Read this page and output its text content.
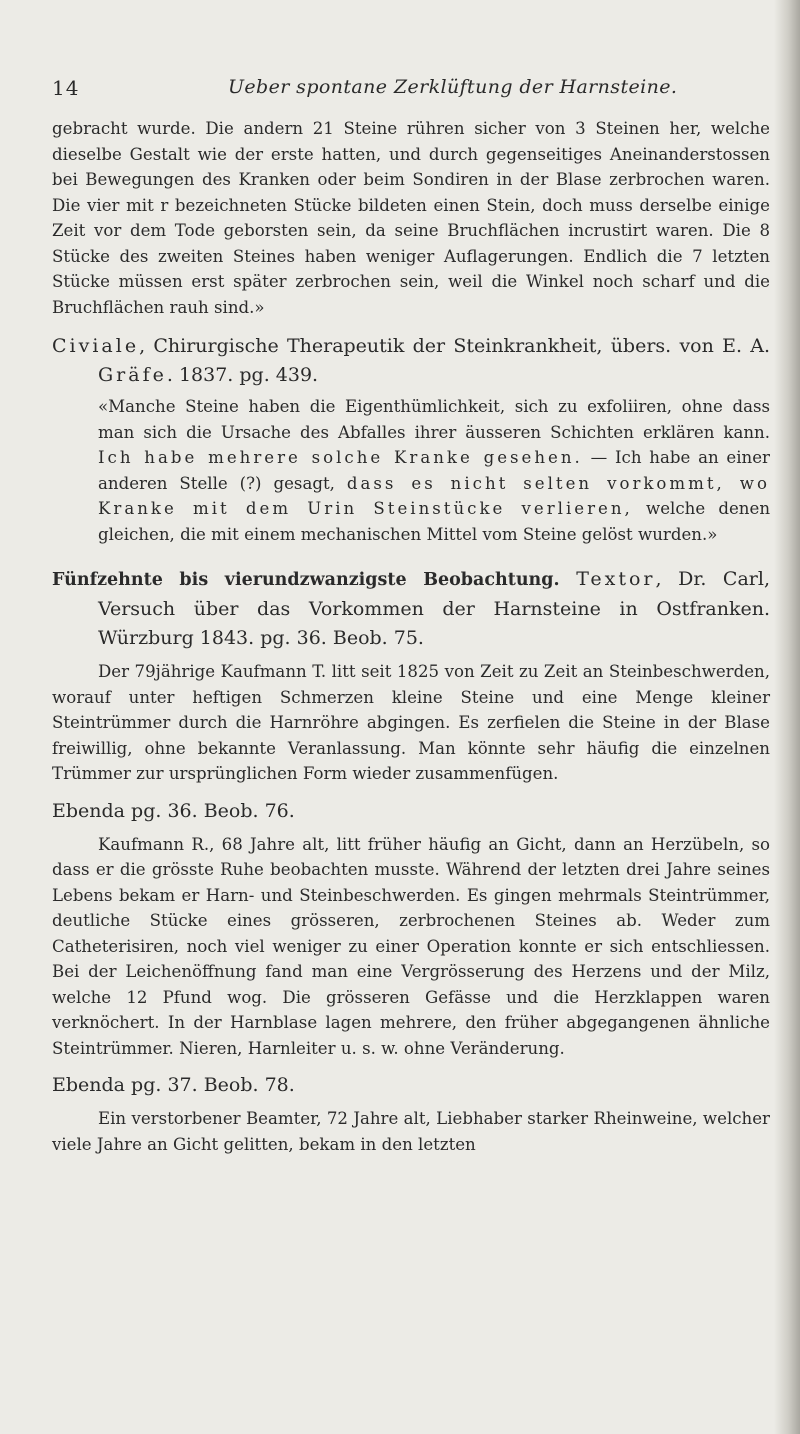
14	Ueber spontane Zerklüftung der Harnsteine.

gebracht wurde. Die andern 21 Steine rühren sicher von 3 Steinen her, welche dieselbe Gestalt wie der erste hatten, und durch gegenseitiges Aneinanderstossen bei Bewegungen des Kranken oder beim Sondiren in der Blase zerbrochen waren. Die vier mit r bezeichneten Stücke bildeten einen Stein, doch muss derselbe einige Zeit vor dem Tode geborsten sein, da seine Bruchflächen incrustirt waren. Die 8 Stücke des zweiten Steines haben weniger Auflagerungen. Endlich die 7 letzten Stücke müssen erst später zerbrochen sein, weil die Winkel noch scharf und die Bruchflächen rauh sind.»

Civiale, Chirurgische Therapeutik der Steinkrankheit, übers. von E. A. Gräfe. 1837. pg. 439.

«Manche Steine haben die Eigenthümlichkeit, sich zu exfoliiren, ohne dass man sich die Ursache des Abfalles ihrer äusseren Schichten erklären kann. Ich habe mehrere solche Kranke gesehen. — Ich habe an einer anderen Stelle (?) gesagt, dass es nicht selten vorkommt, wo Kranke mit dem Urin Steinstücke verlieren, welche denen gleichen, die mit einem mechanischen Mittel vom Steine gelöst wurden.»

Fünfzehnte bis vierundzwanzigste Beobachtung. Textor, Dr. Carl, Versuch über das Vorkommen der Harnsteine in Ostfranken. Würzburg 1843. pg. 36. Beob. 75.

Der 79jährige Kaufmann T. litt seit 1825 von Zeit zu Zeit an Steinbeschwerden, worauf unter heftigen Schmerzen kleine Steine und eine Menge kleiner Steintrümmer durch die Harnröhre abgingen. Es zerfielen die Steine in der Blase freiwillig, ohne bekannte Veranlassung. Man könnte sehr häufig die einzelnen Trümmer zur ursprünglichen Form wieder zusammenfügen.

Ebenda pg. 36. Beob. 76.

Kaufmann R., 68 Jahre alt, litt früher häufig an Gicht, dann an Herzübeln, so dass er die grösste Ruhe beobachten musste. Während der letzten drei Jahre seines Lebens bekam er Harn- und Steinbeschwerden. Es gingen mehrmals Steintrümmer, deutliche Stücke eines grösseren, zerbrochenen Steines ab. Weder zum Catheterisiren, noch viel weniger zu einer Operation konnte er sich entschliessen. Bei der Leichenöffnung fand man eine Vergrösserung des Herzens und der Milz, welche 12 Pfund wog. Die grösseren Gefässe und die Herzklappen waren verknöchert. In der Harnblase lagen mehrere, den früher abgegangenen ähnliche Steintrümmer. Nieren, Harnleiter u. s. w. ohne Veränderung.

Ebenda pg. 37. Beob. 78.

Ein verstorbener Beamter, 72 Jahre alt, Liebhaber starker Rheinweine, welcher viele Jahre an Gicht gelitten, bekam in den letzten
